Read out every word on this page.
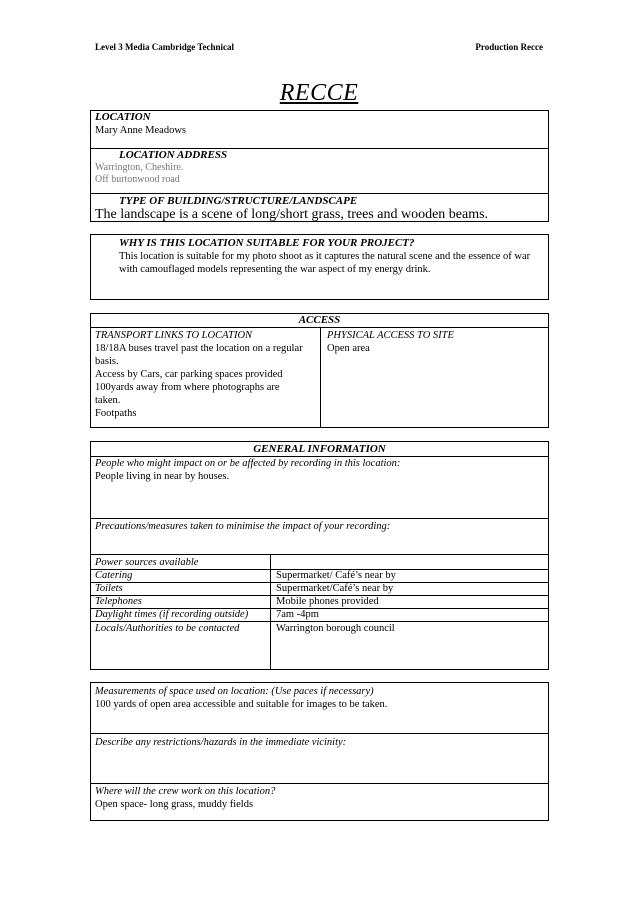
Level 3 Media Cambridge Technical	Production Recce
RECCE
LOCATION
Mary Anne Meadows
LOCATION ADDRESS
Warrington, Cheshire.
Off burtonwood road
TYPE OF BUILDING/STRUCTURE/LANDSCAPE
The landscape is a scene of long/short grass, trees and wooden beams.
WHY IS THIS LOCATION SUITABLE FOR YOUR PROJECT?
This location is suitable for my photo shoot as it captures the natural scene and the essence of war
with camouflaged models representing the war aspect of my energy drink.
ACCESS
TRANSPORT LINKS TO LOCATION
18/18A buses travel past the location on a regular
basis.
Access by Cars, car parking spaces provided
100yards away from where photographs are
taken.
Footpaths
PHYSICAL ACCESS TO SITE
Open area
GENERAL INFORMATION
People who might impact on or be affected by recording in this location:
People living in near by houses.
Precautions/measures taken to minimise the impact of your recording:
Power sources available
Catering	Supermarket/ Café’s near by
Toilets	Supermarket/Café’s near by
Telephones	Mobile phones provided
Daylight times (if recording outside)	7am -4pm
Locals/Authorities to be contacted	Warrington borough council
Measurements of space used on location: (Use paces if necessary)
100 yards of open area accessible and suitable for images to be taken.
Describe any restrictions/hazards in the immediate vicinity:
Where will the crew work on this location?
Open space- long grass, muddy fields
